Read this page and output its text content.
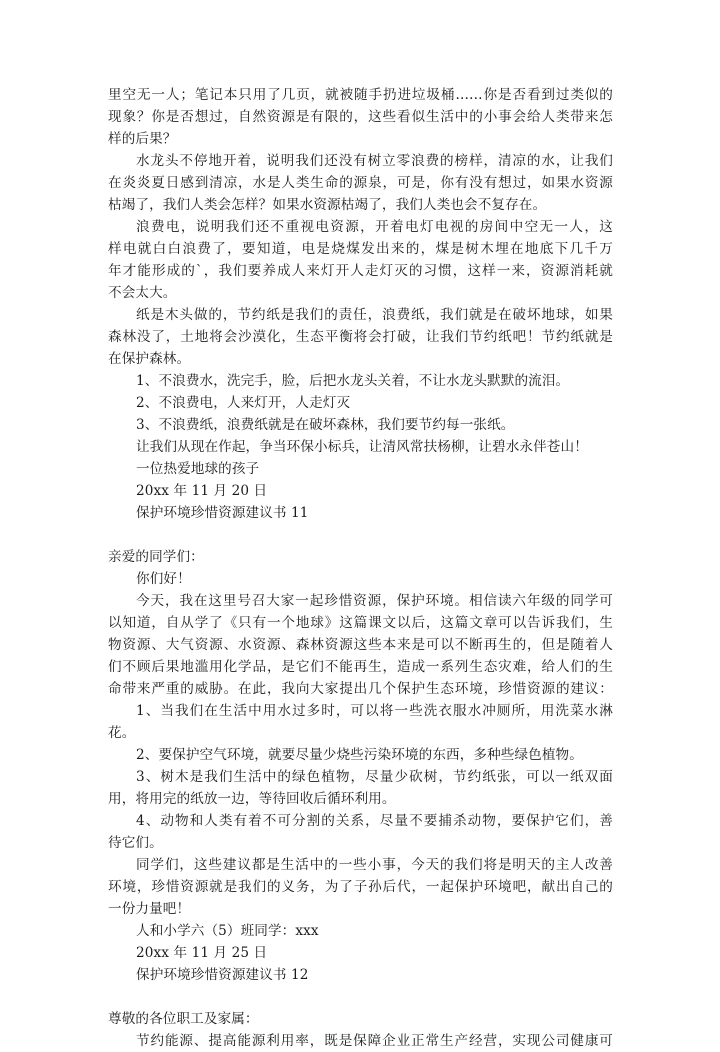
里空无一人；笔记本只用了几页，就被随手扔进垃圾桶……你是否看到过类似的
现象？你是否想过，自然资源是有限的，这些看似生活中的小事会给人类带来怎
样的后果？
水龙头不停地开着，说明我们还没有树立零浪费的榜样，清凉的水，让我们
在炎炎夏日感到清凉，水是人类生命的源泉，可是，你有没有想过，如果水资源
枯竭了，我们人类会怎样？如果水资源枯竭了，我们人类也会不复存在。
浪费电，说明我们还不重视电资源，开着电灯电视的房间中空无一人，这
样电就白白浪费了，要知道，电是烧煤发出来的，煤是树木埋在地底下几千万
年才能形成的`，我们要养成人来灯开人走灯灭的习惯，这样一来，资源消耗就
不会太大。
纸是木头做的，节约纸是我们的责任，浪费纸，我们就是在破坏地球，如果
森林没了，土地将会沙漠化，生态平衡将会打破，让我们节约纸吧！节约纸就是
在保护森林。
1、不浪费水，洗完手，脸，后把水龙头关着，不让水龙头默默的流泪。
2、不浪费电，人来灯开，人走灯灭
3、不浪费纸，浪费纸就是在破坏森林，我们要节约每一张纸。
让我们从现在作起，争当环保小标兵，让清风常扶杨柳，让碧水永伴苍山！
一位热爱地球的孩子
20xx 年 11 月 20 日
保护环境珍惜资源建议书 11
亲爱的同学们：
你们好！
今天，我在这里号召大家一起珍惜资源，保护环境。相信读六年级的同学可
以知道，自从学了《只有一个地球》这篇课文以后，这篇文章可以告诉我们，生
物资源、大气资源、水资源、森林资源这些本来是可以不断再生的，但是随着人
们不顾后果地滥用化学品，是它们不能再生，造成一系列生态灾难，给人们的生
命带来严重的威胁。在此，我向大家提出几个保护生态环境，珍惜资源的建议：
1、当我们在生活中用水过多时，可以将一些洗衣服水冲厕所，用洗菜水淋
花。
2、要保护空气环境，就要尽量少烧些污染环境的东西，多种些绿色植物。
3、树木是我们生活中的绿色植物，尽量少砍树，节约纸张，可以一纸双面
用，将用完的纸放一边，等待回收后循环利用。
4、动物和人类有着不可分割的关系，尽量不要捕杀动物，要保护它们，善
待它们。
同学们，这些建议都是生活中的一些小事，今天的我们将是明天的主人改善
环境，珍惜资源就是我们的义务，为了子孙后代，一起保护环境吧，献出自己的
一份力量吧！
人和小学六（5）班同学：xxx
20xx 年 11 月 25 日
保护环境珍惜资源建议书 12
尊敬的各位职工及家属：
节约能源、提高能源利用率，既是保障企业正常生产经营，实现公司健康可
